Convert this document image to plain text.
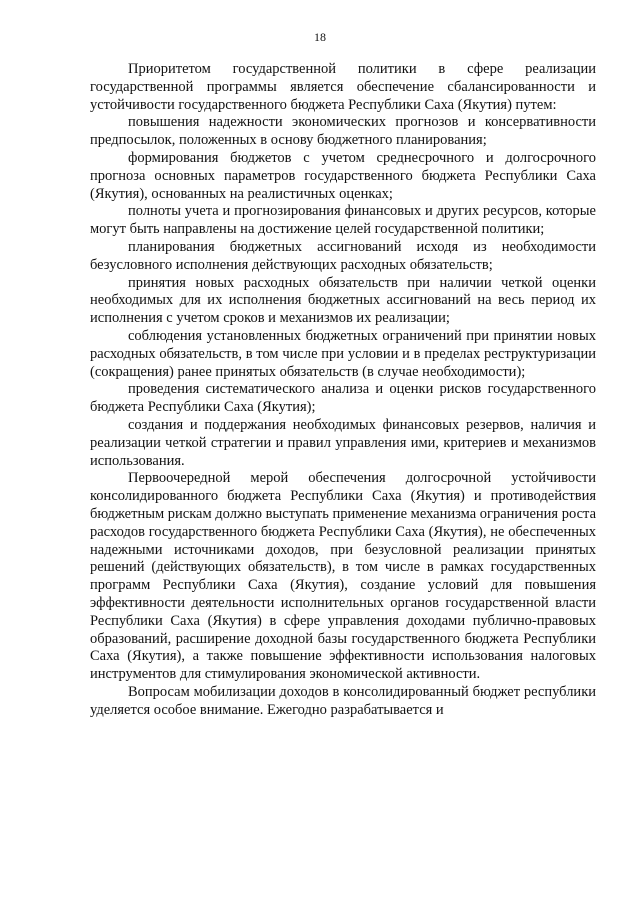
18

Приоритетом государственной политики в сфере реализации государственной программы является обеспечение сбалансированности и устойчивости государственного бюджета Республики Саха (Якутия) путем:

повышения надежности экономических прогнозов и консервативности предпосылок, положенных в основу бюджетного планирования;

формирования бюджетов с учетом среднесрочного и долгосрочного прогноза основных параметров государственного бюджета Республики Саха (Якутия), основанных на реалистичных оценках;

полноты учета и прогнозирования финансовых и других ресурсов, которые могут быть направлены на достижение целей государственной политики;

планирования бюджетных ассигнований исходя из необходимости безусловного исполнения действующих расходных обязательств;

принятия новых расходных обязательств при наличии четкой оценки необходимых для их исполнения бюджетных ассигнований на весь период их исполнения с учетом сроков и механизмов их реализации;

соблюдения установленных бюджетных ограничений при принятии новых расходных обязательств, в том числе при условии и в пределах реструктуризации (сокращения) ранее принятых обязательств (в случае необходимости);

проведения систематического анализа и оценки рисков государственного бюджета Республики Саха (Якутия);

создания и поддержания необходимых финансовых резервов, наличия и реализации четкой стратегии и правил управления ими, критериев и механизмов использования.

Первоочередной мерой обеспечения долгосрочной устойчивости консолидированного бюджета Республики Саха (Якутия) и противодействия бюджетным рискам должно выступать применение механизма ограничения роста расходов государственного бюджета Республики Саха (Якутия), не обеспеченных надежными источниками доходов, при безусловной реализации принятых решений (действующих обязательств), в том числе в рамках государственных программ Республики Саха (Якутия), создание условий для повышения эффективности деятельности исполнительных органов государственной власти Республики Саха (Якутия) в сфере управления доходами публично-правовых образований, расширение доходной базы государственного бюджета Республики Саха (Якутия), а также повышение эффективности использования налоговых инструментов для стимулирования экономической активности.

Вопросам мобилизации доходов в консолидированный бюджет республики уделяется особое внимание. Ежегодно разрабатывается и
